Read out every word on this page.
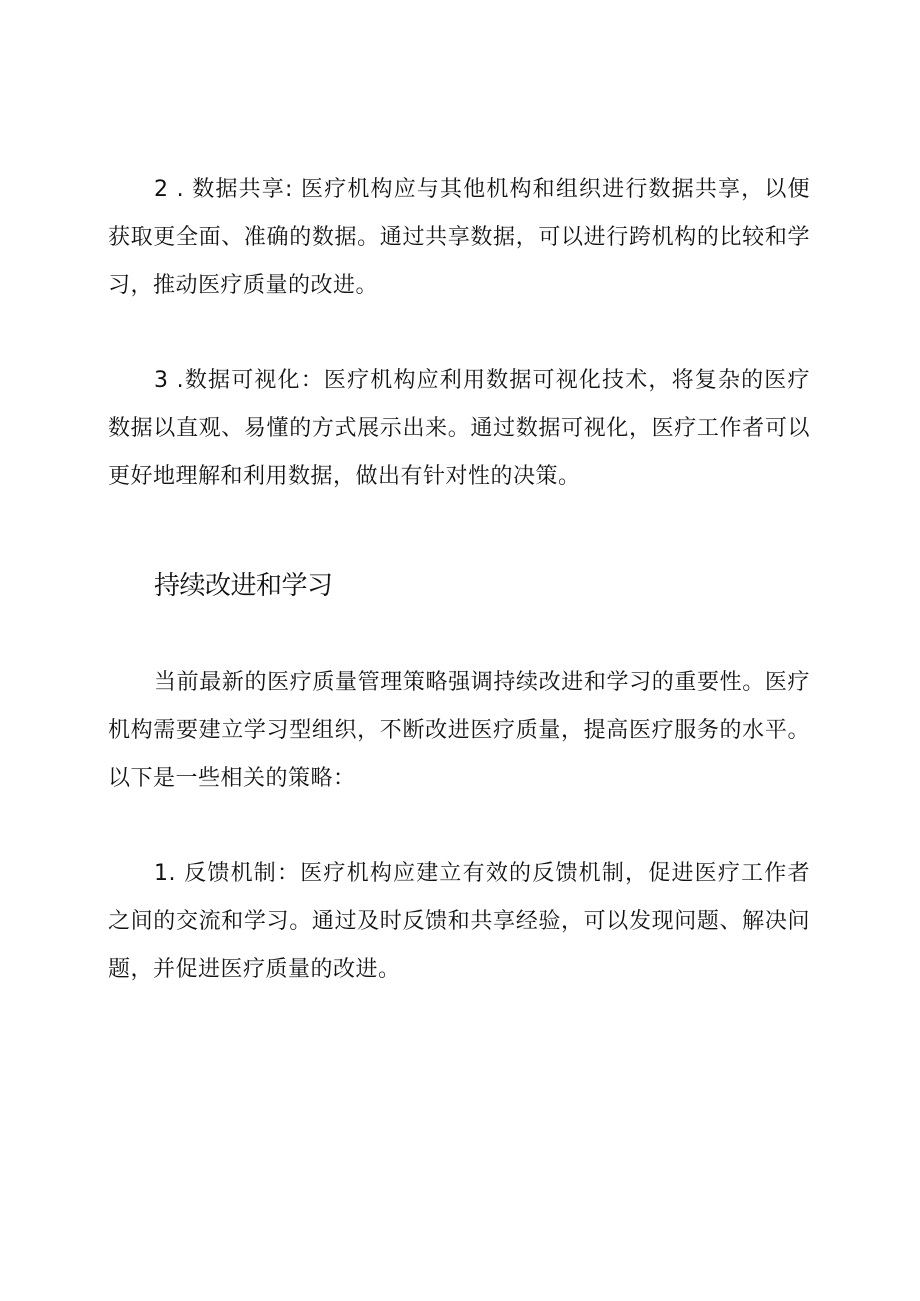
2 . 数据共享: 医疗机构应与其他机构和组织进行数据共享，以便获取更全面、准确的数据。通过共享数据，可以进行跨机构的比较和学习，推动医疗质量的改进。

3 .数据可视化：医疗机构应利用数据可视化技术，将复杂的医疗数据以直观、易懂的方式展示出来。通过数据可视化，医疗工作者可以更好地理解和利用数据，做出有针对性的决策。

持续改进和学习

当前最新的医疗质量管理策略强调持续改进和学习的重要性。医疗机构需要建立学习型组织，不断改进医疗质量，提高医疗服务的水平。以下是一些相关的策略：

1. 反馈机制：医疗机构应建立有效的反馈机制，促进医疗工作者之间的交流和学习。通过及时反馈和共享经验，可以发现问题、解决问题，并促进医疗质量的改进。
